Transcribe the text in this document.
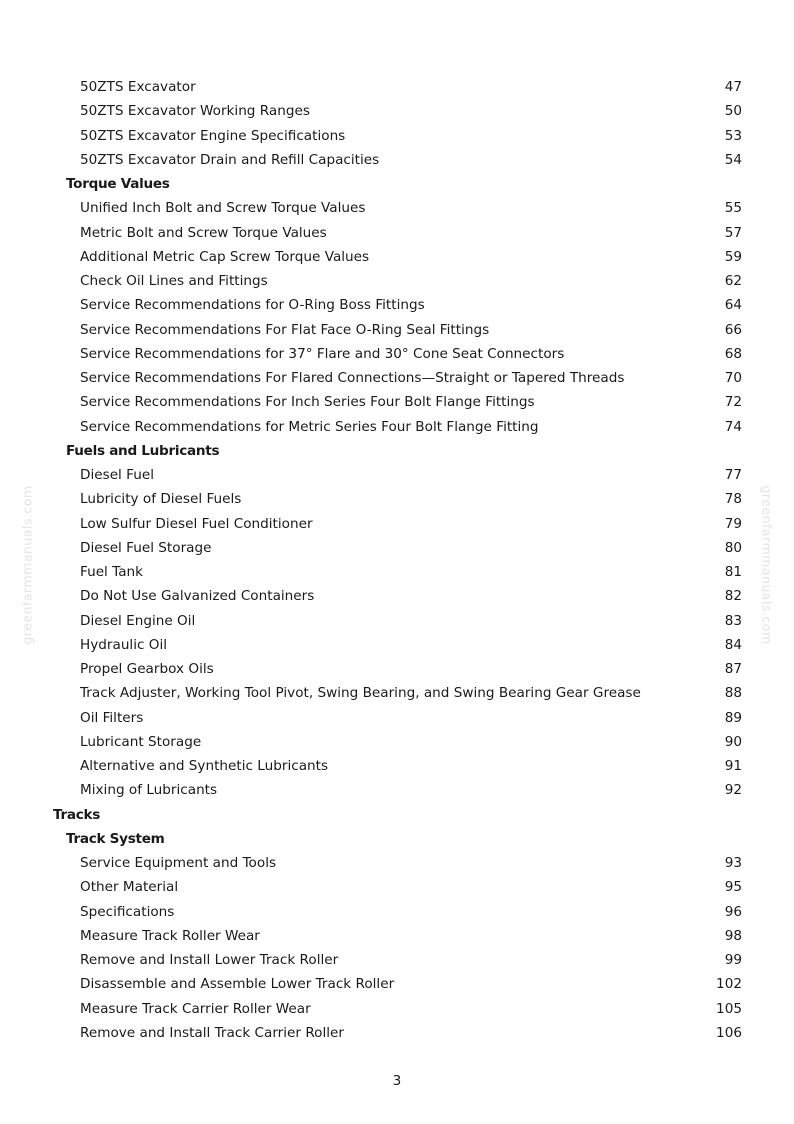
greenfarmmanuals.com	greenfarmmanuals.com
50ZTS Excavator	47
50ZTS Excavator Working Ranges	50
50ZTS Excavator Engine Specifications	53
50ZTS Excavator Drain and Refill Capacities	54
Torque Values
Unified Inch Bolt and Screw Torque Values	55
Metric Bolt and Screw Torque Values	57
Additional Metric Cap Screw Torque Values	59
Check Oil Lines and Fittings	62
Service Recommendations for O-Ring Boss Fittings	64
Service Recommendations For Flat Face O-Ring Seal Fittings	66
Service Recommendations for 37° Flare and 30° Cone Seat Connectors	68
Service Recommendations For Flared Connections—Straight or Tapered Threads	70
Service Recommendations For Inch Series Four Bolt Flange Fittings	72
Service Recommendations for Metric Series Four Bolt Flange Fitting	74
Fuels and Lubricants
Diesel Fuel	77
Lubricity of Diesel Fuels	78
Low Sulfur Diesel Fuel Conditioner	79
Diesel Fuel Storage	80
Fuel Tank	81
Do Not Use Galvanized Containers	82
Diesel Engine Oil	83
Hydraulic Oil	84
Propel Gearbox Oils	87
Track Adjuster, Working Tool Pivot, Swing Bearing, and Swing Bearing Gear Grease	88
Oil Filters	89
Lubricant Storage	90
Alternative and Synthetic Lubricants	91
Mixing of Lubricants	92
Tracks
Track System
Service Equipment and Tools	93
Other Material	95
Specifications	96
Measure Track Roller Wear	98
Remove and Install Lower Track Roller	99
Disassemble and Assemble Lower Track Roller	102
Measure Track Carrier Roller Wear	105
Remove and Install Track Carrier Roller	106
3
